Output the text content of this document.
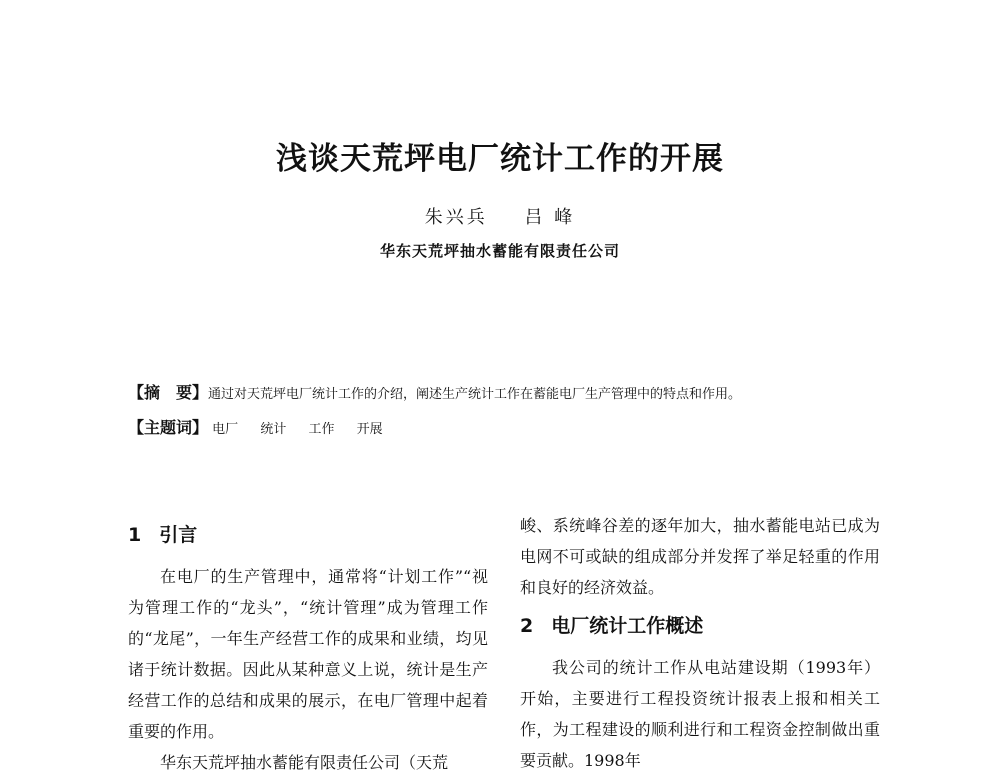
浅谈天荒坪电厂统计工作的开展
朱兴兵 吕 峰
华东天荒坪抽水蓄能有限责任公司
【摘　要】通过对天荒坪电厂统计工作的介绍，阐述生产统计工作在蓄能电厂生产管理中的特点和作用。
【主题词】 电厂 统计 工作 开展
1 引言

在电厂的生产管理中，通常将“计划工作”“视为管理工作的“龙头”，“统计管理”成为管理工作的“龙尾”，一年生产经营工作的成果和业绩，均见诸于统计数据。因此从某种意义上说，统计是生产经营工作的总结和成果的展示，在电厂管理中起着重要的作用。

华东天荒坪抽水蓄能有限责任公司（天荒

峻、系统峰谷差的逐年加大，抽水蓄能电站已成为电网不可或缺的组成部分并发挥了举足轻重的作用和良好的经济效益。

2 电厂统计工作概述

我公司的统计工作从电站建设期（1993年）开始，主要进行工程投资统计报表上报和相关工作，为工程建设的顺利进行和工程资金控制做出重要贡献。1998年
